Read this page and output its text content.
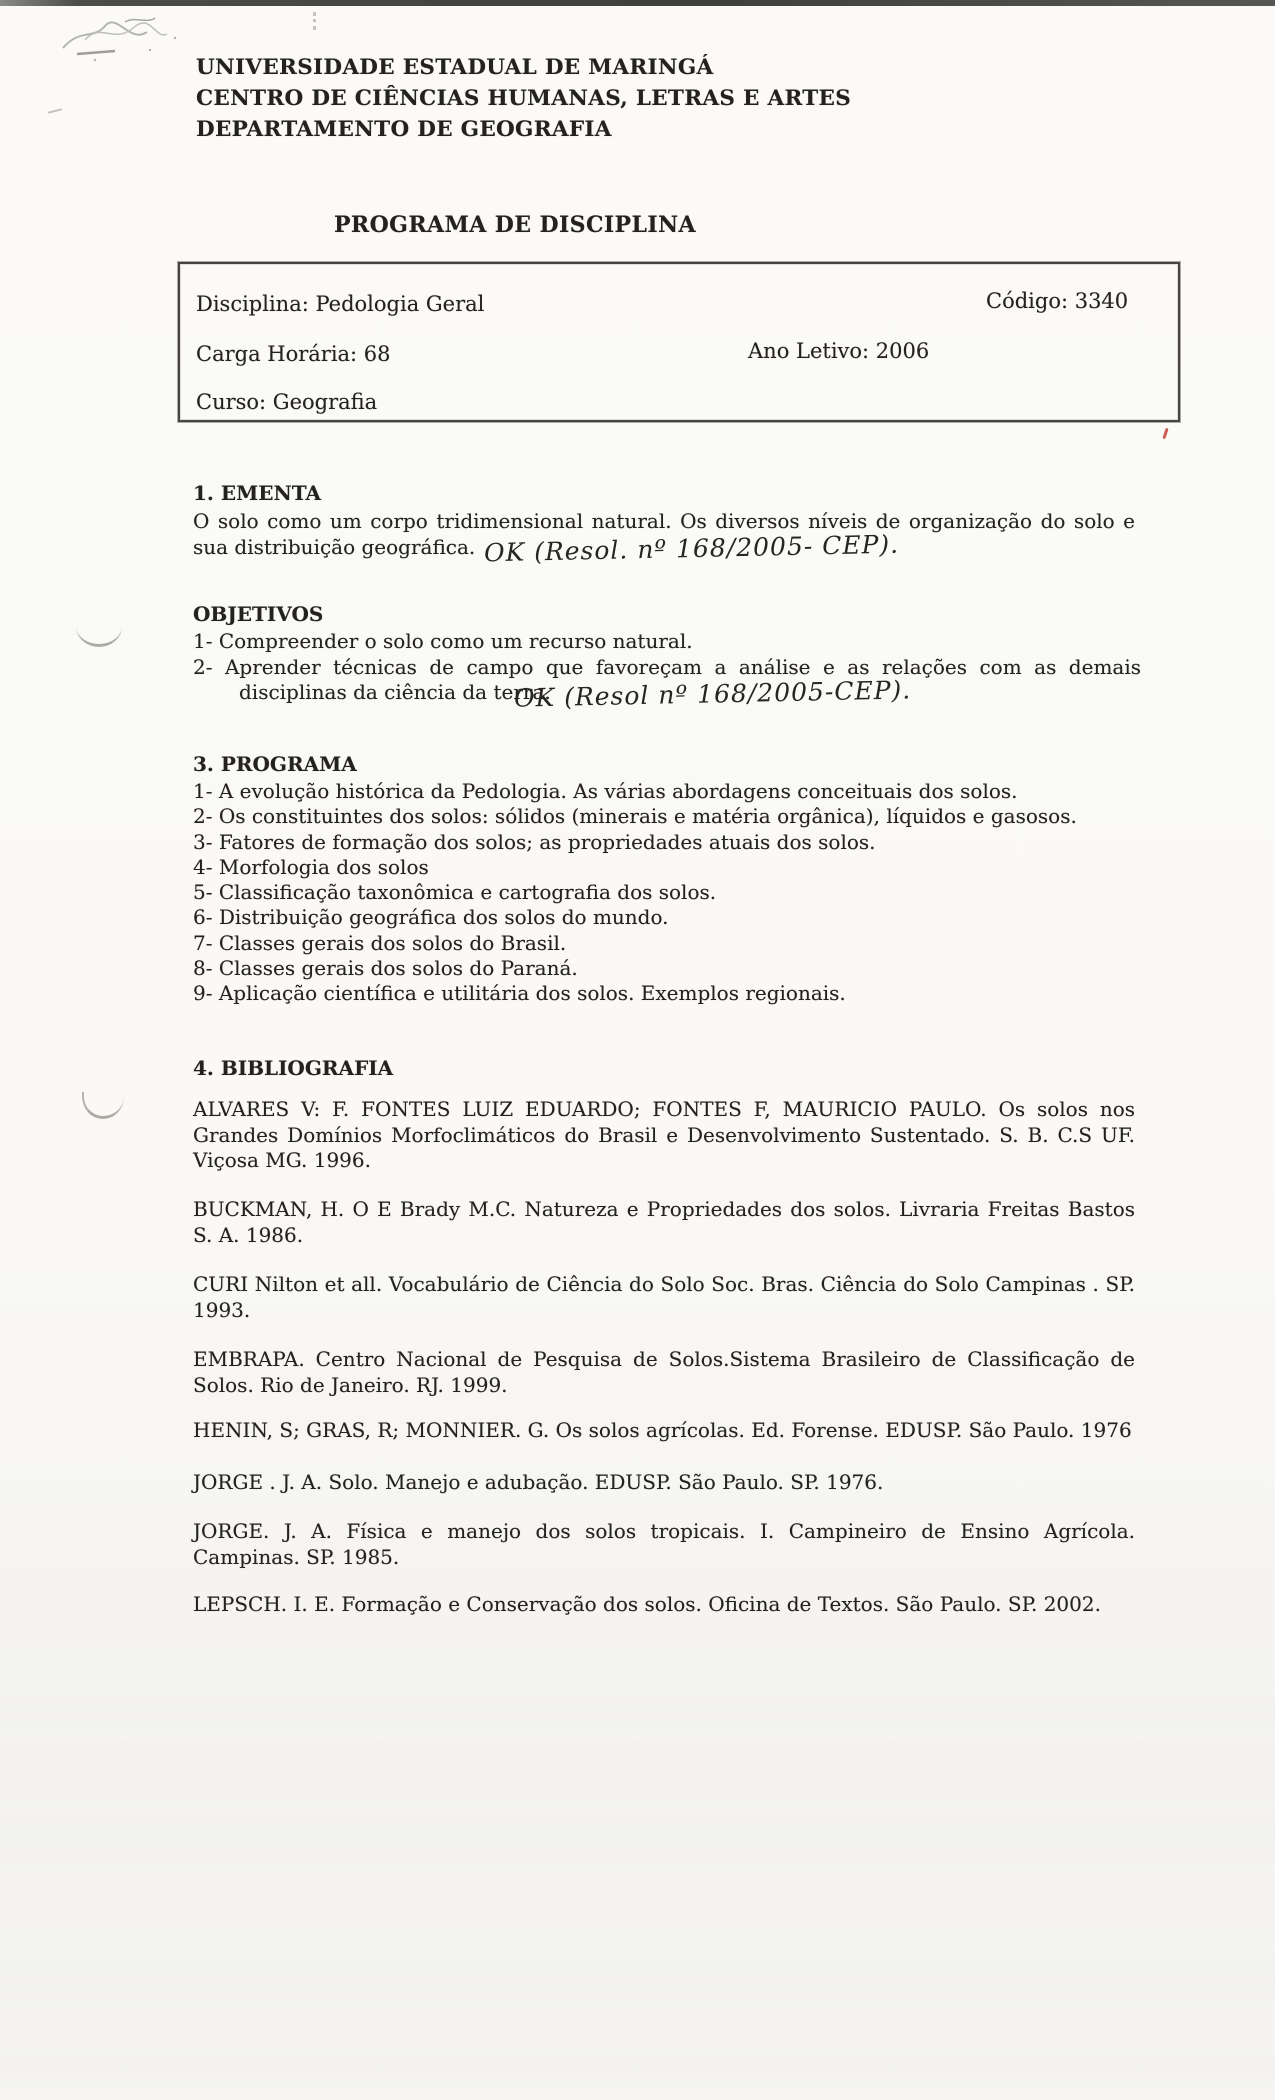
UNIVERSIDADE ESTADUAL DE MARINGÁ
CENTRO DE CIÊNCIAS HUMANAS, LETRAS E ARTES
DEPARTAMENTO DE GEOGRAFIA
PROGRAMA DE DISCIPLINA
Disciplina: Pedologia Geral	Código: 3340
Carga Horária: 68	Ano Letivo: 2006
Curso: Geografia

1. EMENTA

O solo como um corpo tridimensional natural. Os diversos níveis de organização do solo e sua distribuição geográfica. OK (Resol. nº 168/2005- CEP).

OBJETIVOS

1- Compreender o solo como um recurso natural.

2- Aprender técnicas de campo que favoreçam a análise e as relações com as demais disciplinas da ciência da terra.OK (Resol nº 168/2005-CEP).

3. PROGRAMA

1- A evolução histórica da Pedologia. As várias abordagens conceituais dos solos.

2- Os constituintes dos solos: sólidos (minerais e matéria orgânica), líquidos e gasosos.

3- Fatores de formação dos solos; as propriedades atuais dos solos.

4- Morfologia dos solos

5- Classificação taxonômica e cartografia dos solos.

6- Distribuição geográfica dos solos do mundo.

7- Classes gerais dos solos do Brasil.

8- Classes gerais dos solos do Paraná.

9- Aplicação científica e utilitária dos solos. Exemplos regionais.

4. BIBLIOGRAFIA

ALVARES V: F. FONTES LUIZ EDUARDO; FONTES F, MAURICIO PAULO. Os solos nos Grandes Domínios Morfoclimáticos do Brasil e Desenvolvimento Sustentado. S. B. C.S UF. Viçosa MG. 1996.

BUCKMAN, H. O E Brady M.C. Natureza e Propriedades dos solos. Livraria Freitas Bastos S. A. 1986.

CURI Nilton et all. Vocabulário de Ciência do Solo Soc. Bras. Ciência do Solo Campinas . SP. 1993.

EMBRAPA. Centro Nacional de Pesquisa de Solos.Sistema Brasileiro de Classificação de Solos. Rio de Janeiro. RJ. 1999.

HENIN, S; GRAS, R; MONNIER. G. Os solos agrícolas. Ed. Forense. EDUSP. São Paulo. 1976

JORGE . J. A. Solo. Manejo e adubação. EDUSP. São Paulo. SP. 1976.

JORGE. J. A. Física e manejo dos solos tropicais. I. Campineiro de Ensino Agrícola. Campinas. SP. 1985.

LEPSCH. I. E. Formação e Conservação dos solos. Oficina de Textos. São Paulo. SP. 2002.
